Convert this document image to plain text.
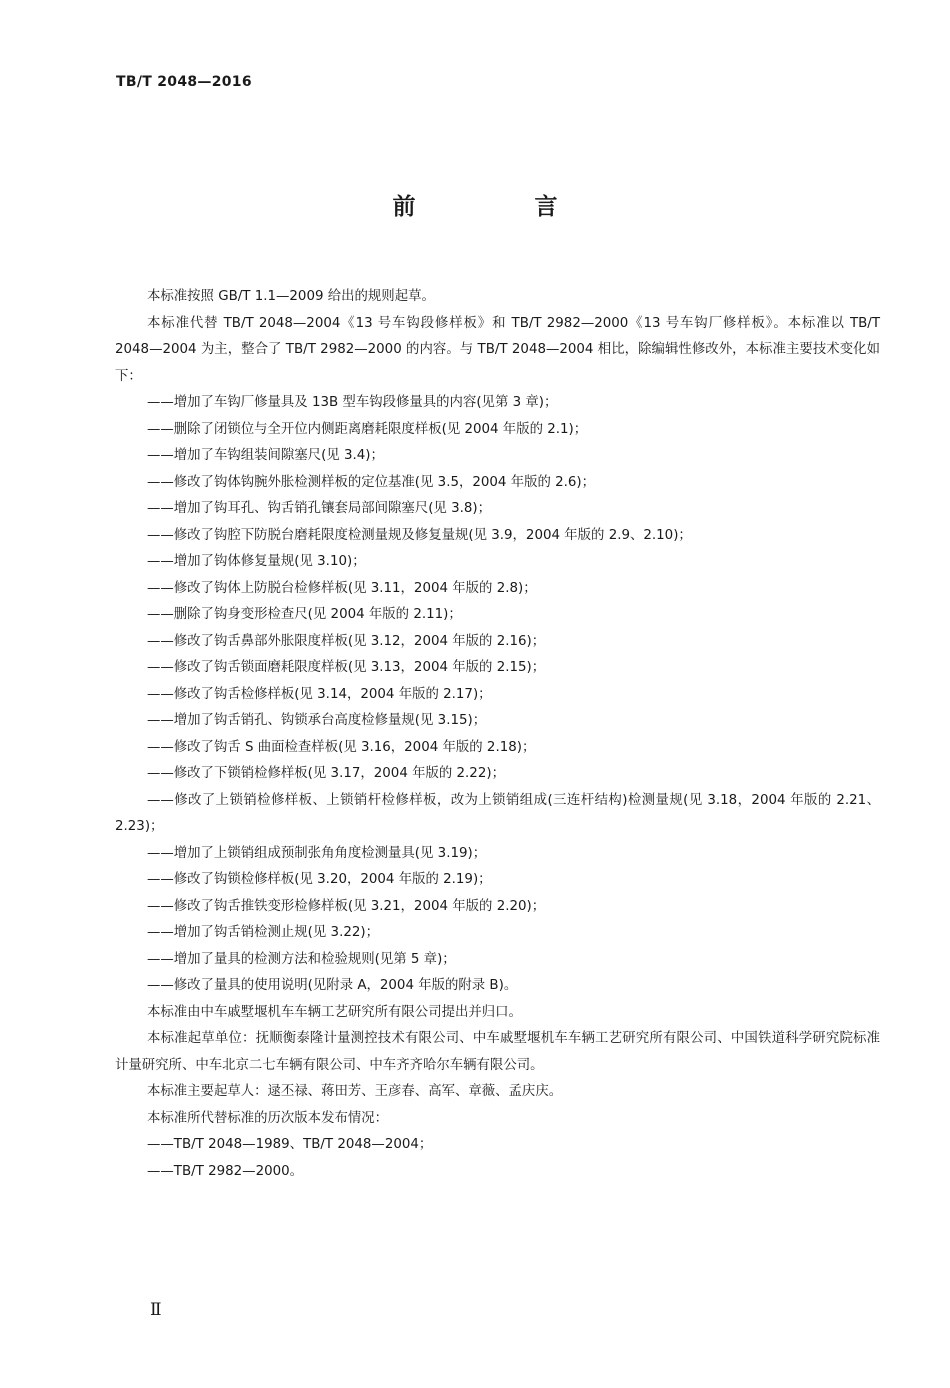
TB/T 2048—2016
前　言

本标准按照 GB/T 1.1—2009 给出的规则起草。

本标准代替 TB/T 2048—2004《13 号车钩段修样板》和 TB/T 2982—2000《13 号车钩厂修样板》。本标准以 TB/T 2048—2004 为主，整合了 TB/T 2982—2000 的内容。与 TB/T 2048—2004 相比，除编辑性修改外，本标准主要技术变化如下：

——增加了车钩厂修量具及 13B 型车钩段修量具的内容(见第 3 章)；

——删除了闭锁位与全开位内侧距离磨耗限度样板(见 2004 年版的 2.1)；

——增加了车钩组装间隙塞尺(见 3.4)；

——修改了钩体钩腕外胀检测样板的定位基准(见 3.5，2004 年版的 2.6)；

——增加了钩耳孔、钩舌销孔镶套局部间隙塞尺(见 3.8)；

——修改了钩腔下防脱台磨耗限度检测量规及修复量规(见 3.9，2004 年版的 2.9、2.10)；

——增加了钩体修复量规(见 3.10)；

——修改了钩体上防脱台检修样板(见 3.11，2004 年版的 2.8)；

——删除了钩身变形检查尺(见 2004 年版的 2.11)；

——修改了钩舌鼻部外胀限度样板(见 3.12，2004 年版的 2.16)；

——修改了钩舌锁面磨耗限度样板(见 3.13，2004 年版的 2.15)；

——修改了钩舌检修样板(见 3.14，2004 年版的 2.17)；

——增加了钩舌销孔、钩锁承台高度检修量规(见 3.15)；

——修改了钩舌 S 曲面检查样板(见 3.16，2004 年版的 2.18)；

——修改了下锁销检修样板(见 3.17，2004 年版的 2.22)；

——修改了上锁销检修样板、上锁销杆检修样板，改为上锁销组成(三连杆结构)检测量规(见 3.18，2004 年版的 2.21、2.23)；

——增加了上锁销组成预制张角角度检测量具(见 3.19)；

——修改了钩锁检修样板(见 3.20，2004 年版的 2.19)；

——修改了钩舌推铁变形检修样板(见 3.21，2004 年版的 2.20)；

——增加了钩舌销检测止规(见 3.22)；

——增加了量具的检测方法和检验规则(见第 5 章)；

——修改了量具的使用说明(见附录 A，2004 年版的附录 B)。

本标准由中车戚墅堰机车车辆工艺研究所有限公司提出并归口。

本标准起草单位：抚顺衡泰隆计量测控技术有限公司、中车戚墅堰机车车辆工艺研究所有限公司、中国铁道科学研究院标准计量研究所、中车北京二七车辆有限公司、中车齐齐哈尔车辆有限公司。

本标准主要起草人：逯丕禄、蒋田芳、王彦春、高军、章薇、孟庆庆。

本标准所代替标准的历次版本发布情况：

——TB/T 2048—1989、TB/T 2048—2004；

——TB/T 2982—2000。

Ⅱ
